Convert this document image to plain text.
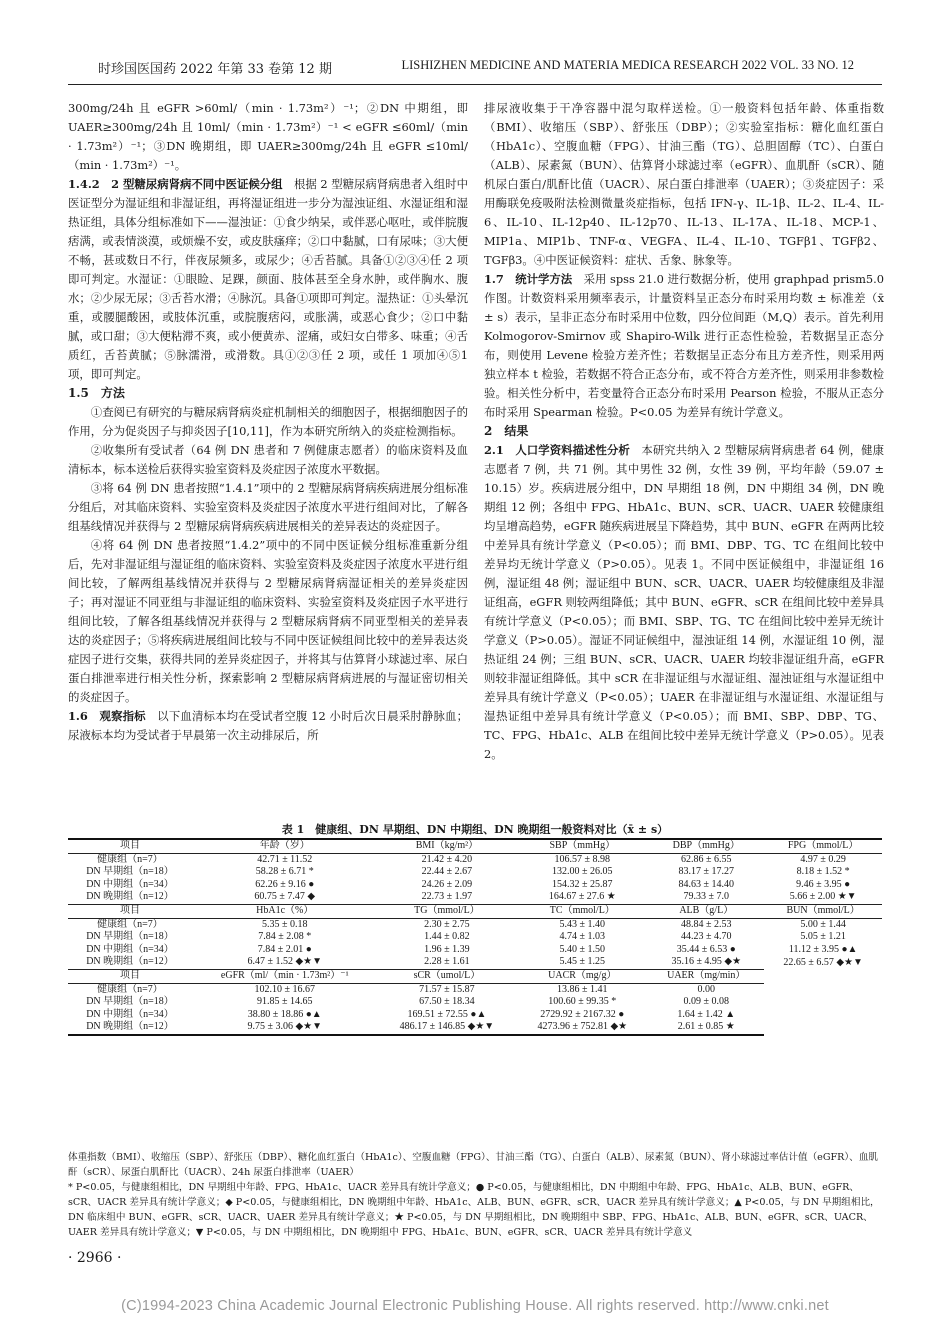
时珍国医国药 2022 年第 33 卷第 12 期	LISHIZHEN MEDICINE AND MATERIA MEDICA RESEARCH 2022 VOL. 33 NO. 12

300mg/24h 且 eGFR >60ml/（min · 1.73m²）⁻¹；②DN 中期组，即 UAER≥300mg/24h 且 10ml/（min · 1.73m²）⁻¹ < eGFR ≤60ml/（min · 1.73m²）⁻¹；③DN 晚期组，即 UAER≥300mg/24h 且 eGFR ≤10ml/（min · 1.73m²）⁻¹。

1.4.2　2 型糖尿病肾病不同中医证候分组　 根据 2 型糖尿病肾病患者入组时中医证型分为湿证组和非湿证组，再将湿证组进一步分为湿浊证组、水湿证组和湿热证组，具体分组标准如下——湿浊证：①食少纳呆，或伴恶心呕吐，或伴脘腹痞满，或表情淡漠，或烦燥不安，或皮肤瘙痒；②口中黏腻，口有尿味；③大便不畅，甚或数日不行，伴夜尿频多，或尿少；④舌苔腻。具备①②③④任 2 项即可判定。水湿证：①眼睑、足踝，颜面、肢体甚至全身水肿，或伴胸水、腹水；②少尿无尿；③舌苔水滑；④脉沉。具备①项即可判定。湿热证：①头晕沉重，或腰腿酸困，或肢体沉重，或脘腹痞闷，或胀满，或恶心食少；②口中黏腻，或口甜；③大便粘滞不爽，或小便黄赤、涩痛，或妇女白带多、味重；④舌质红，舌苔黄腻；⑤脉濡滑，或滑数。具①②③任 2 项，或任 1 项加④⑤1 项，即可判定。

1.5　方法

①查阅已有研究的与糖尿病肾病炎症机制相关的细胞因子，根据细胞因子的作用，分为促炎因子与抑炎因子[10,11]，作为本研究所纳入的炎症检测指标。

②收集所有受试者（64 例 DN 患者和 7 例健康志愿者）的临床资料及血清标本，标本送检后获得实验室资料及炎症因子浓度水平数据。

③将 64 例 DN 患者按照“1.4.1”项中的 2 型糖尿病肾病疾病进展分组标准分组后，对其临床资料、实验室资料及炎症因子浓度水平进行组间对比，了解各组基线情况并获得与 2 型糖尿病肾病疾病进展相关的差异表达的炎症因子。

④将 64 例 DN 患者按照“1.4.2”项中的不同中医证候分组标准重新分组后，先对非湿证组与湿证组的临床资料、实验室资料及炎症因子浓度水平进行组间比较，了解两组基线情况并获得与 2 型糖尿病肾病湿证相关的差异炎症因子；再对湿证不同亚组与非湿证组的临床资料、实验室资料及炎症因子水平进行组间比较，了解各组基线情况并获得与 2 型糖尿病肾病不同亚型相关的差异表达的炎症因子；⑤将疾病进展组间比较与不同中医证候组间比较中的差异表达炎症因子进行交集，获得共同的差异炎症因子，并将其与估算肾小球滤过率、尿白蛋白排泄率进行相关性分析，探索影响 2 型糖尿病肾病进展的与湿证密切相关的炎症因子。

1.6　观察指标　 以下血清标本均在受试者空腹 12 小时后次日晨采肘静脉血；尿液标本均为受试者于早晨第一次主动排尿后，所

排尿液收集于干净容器中混匀取样送检。①一般资料包括年龄、体重指数（BMI）、收缩压（SBP）、舒张压（DBP）；②实验室指标：糖化血红蛋白（HbA1c）、空腹血糖（FPG）、甘油三酯（TG）、总胆固醇（TC）、白蛋白（ALB）、尿素氮（BUN）、估算肾小球滤过率（eGFR）、血肌酐（sCR）、随机尿白蛋白/肌酐比值（UACR）、尿白蛋白排泄率（UAER）；③炎症因子：采用酶联免疫吸附法检测微量炎症指标，包括 IFN-γ、IL-1β、IL-2、IL-4、IL-6、IL-10、IL-12p40、IL-12p70、IL-13、IL-17A、IL-18、MCP-1、MIP1a、MIP1b、TNF-α、VEGFA、IL-4、IL-10、TGFβ1、TGFβ2、TGFβ3。④中医证候资料：症状、舌象、脉象等。

1.7　统计学方法　 采用 spss 21.0 进行数据分析，使用 graphpad prism5.0 作图。计数资料采用频率表示，计量资料呈正态分布时采用均数 ± 标准差（x̄ ± s）表示，呈非正态分布时采用中位数，四分位间距（M,Q）表示。首先利用 Kolmogorov-Smirnov 或 Shapiro-Wilk 进行正态性检验，若数据呈正态分布，则使用 Levene 检验方差齐性；若数据呈正态分布且方差齐性，则采用两独立样本 t 检验，若数据不符合正态分布，或不符合方差齐性，则采用非参数检验。相关性分析中，若变量符合正态分布时采用 Pearson 检验，不服从正态分布时采用 Spearman 检验。P<0.05 为差异有统计学意义。

2　结果

2.1　人口学资料描述性分析　 本研究共纳入 2 型糖尿病肾病患者 64 例，健康志愿者 7 例，共 71 例。其中男性 32 例，女性 39 例，平均年龄（59.07 ± 10.15）岁。疾病进展分组中，DN 早期组 18 例，DN 中期组 34 例，DN 晚期组 12 例；各组中 FPG、HbA1c、BUN、sCR、UACR、UAER 较健康组均呈增高趋势，eGFR 随疾病进展呈下降趋势，其中 BUN、eGFR 在两两比较中差异具有统计学意义（P<0.05）；而 BMI、DBP、TG、TC 在组间比较中差异均无统计学意义（P>0.05）。见表 1。不同中医证候组中，非湿证组 16 例，湿证组 48 例；湿证组中 BUN、sCR、UACR、UAER 均较健康组及非湿证组高，eGFR 则较两组降低；其中 BUN、eGFR、sCR 在组间比较中差异具有统计学意义（P<0.05）；而 BMI、SBP、TG、TC 在组间比较中差异无统计学意义（P>0.05）。湿证不同证候组中，湿浊证组 14 例，水湿证组 10 例，湿热证组 24 例；三组 BUN、sCR、UACR、UAER 均较非湿证组升高，eGFR 则较非湿证组降低。其中 sCR 在非湿证组与水湿证组、湿浊证组与水湿证组中差异具有统计学意义（P<0.05）；UAER 在非湿证组与水湿证组、水湿证组与湿热证组中差异具有统计学意义（P<0.05）；而 BMI、SBP、DBP、TG、TC、FPG、HbA1c、ALB 在组间比较中差异无统计学意义（P>0.05）。见表 2。

表 1　 健康组、DN 早期组、DN 中期组、DN 晚期组一般资料对比（x̄ ± s）
项目	年龄（岁）	BMI（kg/m²）	SBP（mmHg）	DBP（mmHg）	FPG（mmol/L）
健康组（n=7）	42.71 ± 11.52	21.42 ± 4.20	106.57 ± 8.98	62.86 ± 6.55	4.97 ± 0.29
DN 早期组（n=18）	58.28 ± 6.71 *	22.44 ± 2.67	132.00 ± 26.05	83.17 ± 17.27	8.18 ± 1.52 *
DN 中期组（n=34）	62.26 ± 9.16 ●	24.26 ± 2.09	154.32 ± 25.87	84.63 ± 14.40	9.46 ± 3.95 ●
DN 晚期组（n=12）	60.75 ± 7.47 ◆	22.73 ± 1.97	164.67 ± 27.6 ★	79.33 ± 7.0	5.66 ± 2.00 ★▼
项目	HbA1c（%）	TG（mmol/L）	TC（mmol/L）	ALB（g/L）	BUN（mmol/L）
健康组（n=7）	5.35 ± 0.18	2.30 ± 2.75	5.43 ± 1.40	48.84 ± 2.53	5.00 ± 1.44
DN 早期组（n=18）	7.84 ± 2.08 *	1.44 ± 0.82	4.74 ± 1.03	44.23 ± 4.70	5.05 ± 1.21
DN 中期组（n=34）	7.84 ± 2.01 ●	1.96 ± 1.39	5.40 ± 1.50	35.44 ± 6.53 ●	11.12 ± 3.95 ●▲
DN 晚期组（n=12）	6.47 ± 1.52 ◆★▼	2.28 ± 1.61	5.45 ± 1.25	35.16 ± 4.95 ◆★	22.65 ± 6.57 ◆★▼
项目	eGFR（ml/（min · 1.73m²）⁻¹	sCR（umol/L）	UACR（mg/g）	UAER（mg/min）	
健康组（n=7）	102.10 ± 16.67	71.57 ± 15.87	13.86 ± 1.41	0.00	
DN 早期组（n=18）	91.85 ± 14.65	67.50 ± 18.34	100.60 ± 99.35 *	0.09 ± 0.08	
DN 中期组（n=34）	38.80 ± 18.86 ●▲	169.51 ± 72.55 ●▲	2729.92 ± 2167.32 ●	1.64 ± 1.42 ▲	
DN 晚期组（n=12）	9.75 ± 3.06 ◆★▼	486.17 ± 146.85 ◆★▼	4273.96 ± 752.81 ◆★	2.61 ± 0.85 ★	

体重指数（BMI）、收缩压（SBP）、舒张压（DBP）、糖化血红蛋白（HbA1c）、空腹血糖（FPG）、甘油三酯（TG）、白蛋白（ALB）、尿素氮（BUN）、肾小球滤过率估计值（eGFR）、血肌酐（sCR）、尿蛋白肌酐比（UACR）、24h 尿蛋白排泄率（UAER）

* P<0.05，与健康组相比，DN 早期组中年龄、FPG、HbA1c、UACR 差异具有统计学意义；● P<0.05，与健康组相比，DN 中期组中年龄、FPG、HbA1c、ALB、BUN、eGFR、sCR、UACR 差异具有统计学意义；◆ P<0.05，与健康组相比，DN 晚期组中年龄、HbA1c、ALB、BUN、eGFR、sCR、UACR 差异具有统计学意义；▲ P<0.05，与 DN 早期组相比，DN 临床组中 BUN、eGFR、sCR、UACR、UAER 差异具有统计学意义；★ P<0.05，与 DN 早期组相比，DN 晚期组中 SBP、FPG、HbA1c、ALB、BUN、eGFR、sCR、UACR、UAER 差异具有统计学意义；▼ P<0.05，与 DN 中期组相比，DN 晚期组中 FPG、HbA1c、BUN、eGFR、sCR、UACR 差异具有统计学意义

· 2966 ·
(C)1994-2023 China Academic Journal Electronic Publishing House. All rights reserved. http://www.cnki.net
